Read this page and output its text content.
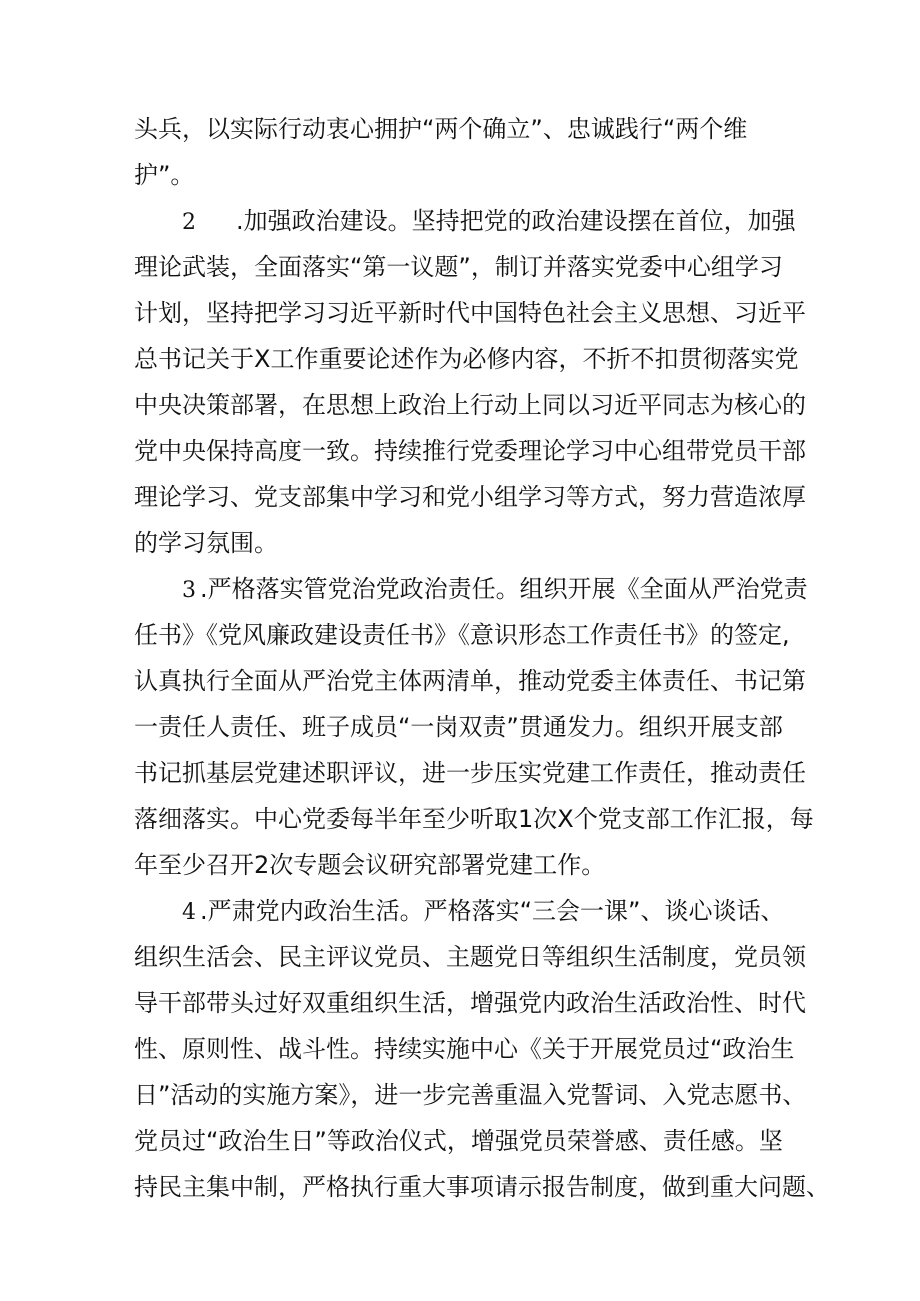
头兵，以实际行动衷心拥护“两个确立”、忠诚践行“两个维
护”。
2 .加强政治建设。坚持把党的政治建设摆在首位，加强
理论武装，全面落实“第一议题”，制订并落实党委中心组学习
计划，坚持把学习习近平新时代中国特色社会主义思想、习近平
总书记关于X工作重要论述作为必修内容，不折不扣贯彻落实党
中央决策部署，在思想上政治上行动上同以习近平同志为核心的
党中央保持高度一致。持续推行党委理论学习中心组带党员干部
理论学习、党支部集中学习和党小组学习等方式，努力营造浓厚
的学习氛围。
3 .严格落实管党治党政治责任。组织开展《全面从严治党责
任书》《党风廉政建设责任书》《意识形态工作责任书》的签定,
认真执行全面从严治党主体两清单，推动党委主体责任、书记第
一责任人责任、班子成员“一岗双责”贯通发力。组织开展支部
书记抓基层党建述职评议，进一步压实党建工作责任，推动责任
落细落实。中心党委每半年至少听取1次X个党支部工作汇报，每
年至少召开2次专题会议研究部署党建工作。
4 .严肃党内政治生活。严格落实“三会一课”、谈心谈话、
组织生活会、民主评议党员、主题党日等组织生活制度，党员领
导干部带头过好双重组织生活，增强党内政治生活政治性、时代
性、原则性、战斗性。持续实施中心《关于开展党员过“政治生
日”活动的实施方案》，进一步完善重温入党誓词、入党志愿书、
党员过“政治生日”等政治仪式，增强党员荣誉感、责任感。坚
持民主集中制，严格执行重大事项请示报告制度，做到重大问题、
